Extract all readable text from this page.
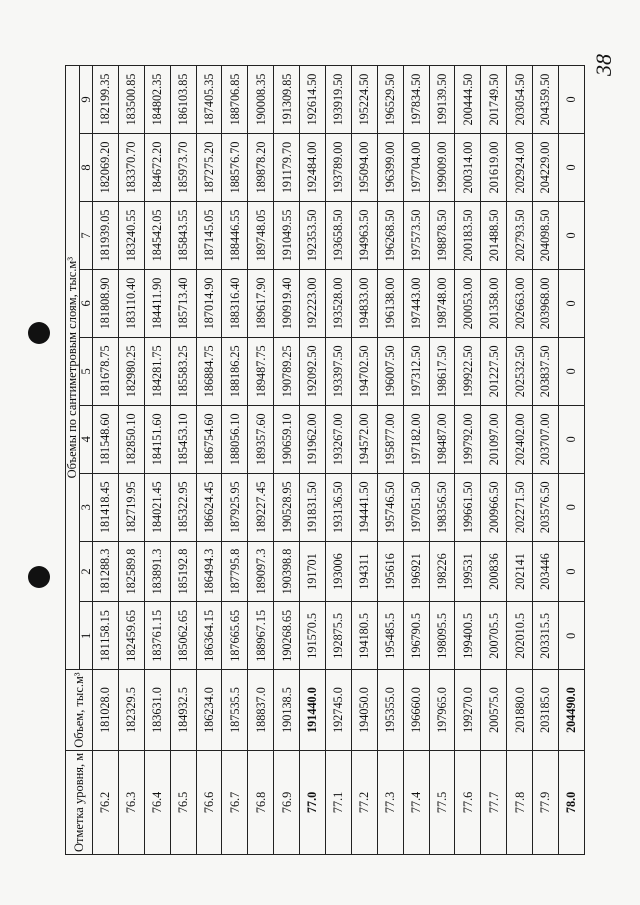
38
Отметка уровня, м	Объем, тыс.м³	Объемы по сантиметровым слоям, тыс.м³								
		1	2	3	4	5	6	7	8	9
76.2	181028.0	181158.15	181288.3	181418.45	181548.60	181678.75	181808.90	181939.05	182069.20	182199.35
76.3	182329.5	182459.65	182589.8	182719.95	182850.10	182980.25	183110.40	183240.55	183370.70	183500.85
76.4	183631.0	183761.15	183891.3	184021.45	184151.60	184281.75	184411.90	184542.05	184672.20	184802.35
76.5	184932.5	185062.65	185192.8	185322.95	185453.10	185583.25	185713.40	185843.55	185973.70	186103.85
76.6	186234.0	186364.15	186494.3	186624.45	186754.60	186884.75	187014.90	187145.05	187275.20	187405.35
76.7	187535.5	187665.65	187795.8	187925.95	188056.10	188186.25	188316.40	188446.55	188576.70	188706.85
76.8	188837.0	188967.15	189097.3	189227.45	189357.60	189487.75	189617.90	189748.05	189878.20	190008.35
76.9	190138.5	190268.65	190398.8	190528.95	190659.10	190789.25	190919.40	191049.55	191179.70	191309.85
77.0	191440.0	191570.5	191701	191831.50	191962.00	192092.50	192223.00	192353.50	192484.00	192614.50
77.1	192745.0	192875.5	193006	193136.50	193267.00	193397.50	193528.00	193658.50	193789.00	193919.50
77.2	194050.0	194180.5	194311	194441.50	194572.00	194702.50	194833.00	194963.50	195094.00	195224.50
77.3	195355.0	195485.5	195616	195746.50	195877.00	196007.50	196138.00	196268.50	196399.00	196529.50
77.4	196660.0	196790.5	196921	197051.50	197182.00	197312.50	197443.00	197573.50	197704.00	197834.50
77.5	197965.0	198095.5	198226	198356.50	198487.00	198617.50	198748.00	198878.50	199009.00	199139.50
77.6	199270.0	199400.5	199531	199661.50	199792.00	199922.50	200053.00	200183.50	200314.00	200444.50
77.7	200575.0	200705.5	200836	200966.50	201097.00	201227.50	201358.00	201488.50	201619.00	201749.50
77.8	201880.0	202010.5	202141	202271.50	202402.00	202532.50	202663.00	202793.50	202924.00	203054.50
77.9	203185.0	203315.5	203446	203576.50	203707.00	203837.50	203968.00	204098.50	204229.00	204359.50
78.0	204490.0	0	0	0	0	0	0	0	0	0
